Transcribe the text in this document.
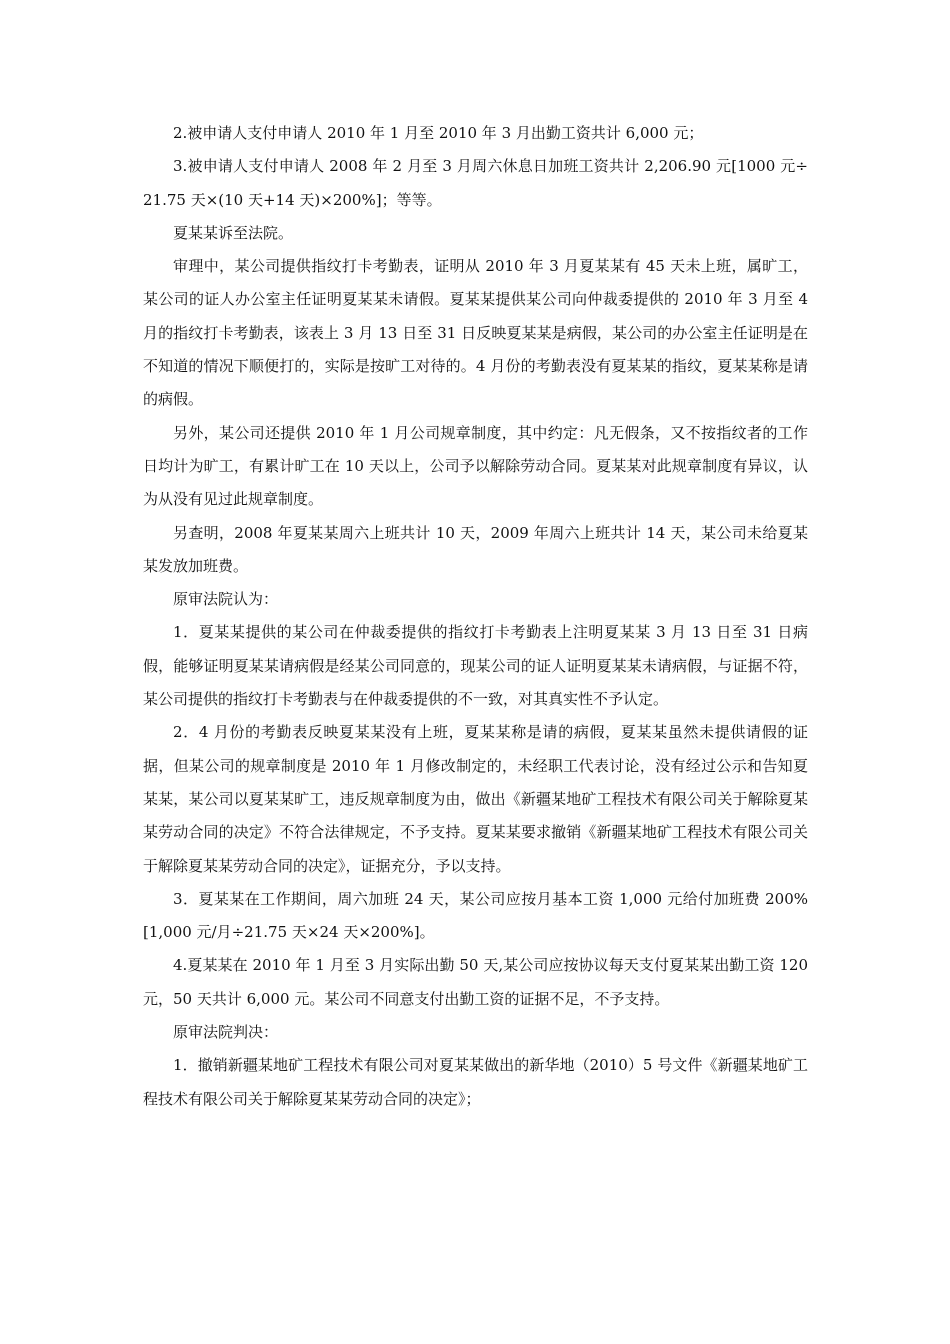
2.被申请人支付申请人 2010 年 1 月至 2010 年 3 月出勤工资共计 6,000 元；

3.被申请人支付申请人 2008 年 2 月至 3 月周六休息日加班工资共计 2,206.90 元[1000 元÷21.75 天×(10 天+14 天)×200%]；等等。

夏某某诉至法院。

审理中，某公司提供指纹打卡考勤表，证明从 2010 年 3 月夏某某有 45 天未上班，属旷工，某公司的证人办公室主任证明夏某某未请假。夏某某提供某公司向仲裁委提供的 2010 年 3 月至 4 月的指纹打卡考勤表，该表上 3 月 13 日至 31 日反映夏某某是病假，某公司的办公室主任证明是在不知道的情况下顺便打的，实际是按旷工对待的。4 月份的考勤表没有夏某某的指纹，夏某某称是请的病假。

另外，某公司还提供 2010 年 1 月公司规章制度，其中约定：凡无假条，又不按指纹者的工作日均计为旷工，有累计旷工在 10 天以上，公司予以解除劳动合同。夏某某对此规章制度有异议，认为从没有见过此规章制度。

另查明，2008 年夏某某周六上班共计 10 天，2009 年周六上班共计 14 天，某公司未给夏某某发放加班费。

原审法院认为：

1．夏某某提供的某公司在仲裁委提供的指纹打卡考勤表上注明夏某某 3 月 13 日至 31 日病假，能够证明夏某某请病假是经某公司同意的，现某公司的证人证明夏某某未请病假，与证据不符，某公司提供的指纹打卡考勤表与在仲裁委提供的不一致，对其真实性不予认定。

2．4 月份的考勤表反映夏某某没有上班，夏某某称是请的病假，夏某某虽然未提供请假的证据，但某公司的规章制度是 2010 年 1 月修改制定的，未经职工代表讨论，没有经过公示和告知夏某某，某公司以夏某某旷工，违反规章制度为由，做出《新疆某地矿工程技术有限公司关于解除夏某某劳动合同的决定》不符合法律规定，不予支持。夏某某要求撤销《新疆某地矿工程技术有限公司关于解除夏某某劳动合同的决定》，证据充分，予以支持。

3．夏某某在工作期间，周六加班 24 天，某公司应按月基本工资 1,000 元给付加班费 200%[1,000 元/月÷21.75 天×24 天×200%]。

4.夏某某在 2010 年 1 月至 3 月实际出勤 50 天,某公司应按协议每天支付夏某某出勤工资 120 元，50 天共计 6,000 元。某公司不同意支付出勤工资的证据不足，不予支持。

原审法院判决：

1．撤销新疆某地矿工程技术有限公司对夏某某做出的新华地（2010）5 号文件《新疆某地矿工程技术有限公司关于解除夏某某劳动合同的决定》；
